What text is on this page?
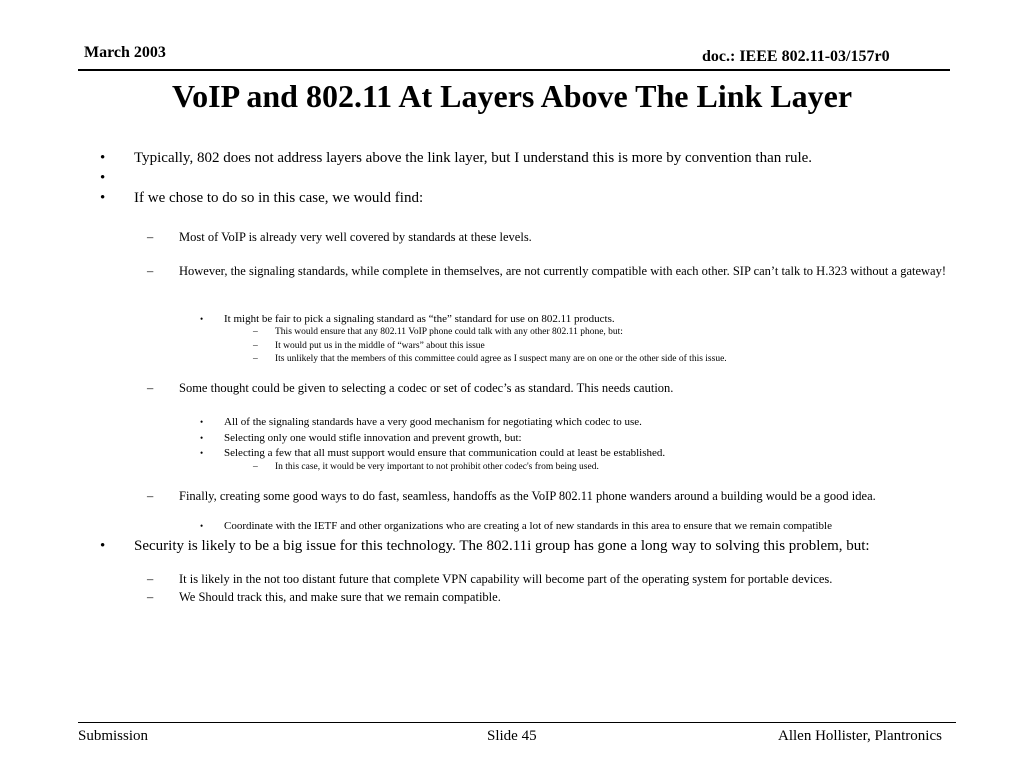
March 2003	doc.: IEEE 802.11-03/157r0
VoIP and 802.11 At Layers Above The Link Layer
• Typically, 802 does not address layers above the link layer, but I understand this is more by convention than rule.
•
• If we chose to do so in this case, we would find:
– Most of VoIP is already very well covered by standards at these levels.
– However, the signaling standards, while complete in themselves, are not currently compatible with each other. SIP can’t talk to H.323 without a gateway!
• It might be fair to pick a signaling standard as “the” standard for use on 802.11 products.
– This would ensure that any 802.11 VoIP phone could talk with any other 802.11 phone, but:
– It would put us in the middle of “wars” about this issue
– Its unlikely that the members of this committee could agree as I suspect many are on one or the other side of this issue.
– Some thought could be given to selecting a codec or set of codec’s as standard. This needs caution.
• All of the signaling standards have a very good mechanism for negotiating which codec to use.
• Selecting only one would stifle innovation and prevent growth, but:
• Selecting a few that all must support would ensure that communication could at least be established.
– In this case, it would be very important to not prohibit other codec's from being used.
– Finally, creating some good ways to do fast, seamless, handoffs as the VoIP 802.11 phone wanders around a building would be a good idea.
• Coordinate with the IETF and other organizations who are creating a lot of new standards in this area to ensure that we remain compatible
• Security is likely to be a big issue for this technology. The 802.11i group has gone a long way to solving this problem, but:
– It is likely in the not too distant future that complete VPN capability will become part of the operating system for portable devices.
– We Should track this, and make sure that we remain compatible.
Submission	Slide 45	Allen Hollister, Plantronics
